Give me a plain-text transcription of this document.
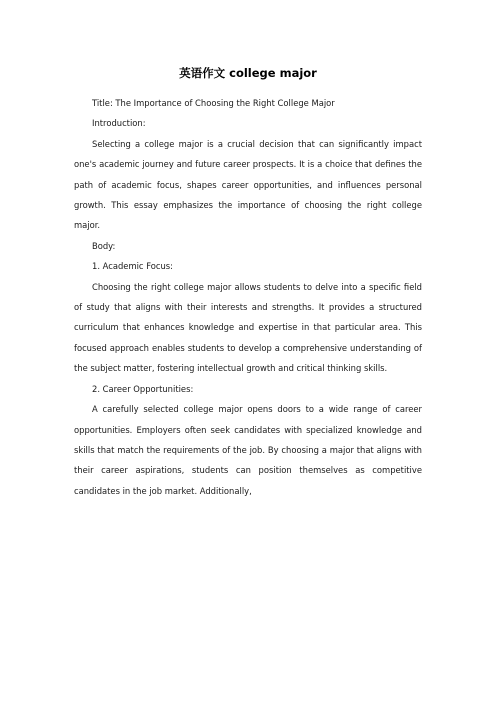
英语作文 college major

Title: The Importance of Choosing the Right College Major

Introduction:

Selecting a college major is a crucial decision that can significantly impact one's academic journey and future career prospects. It is a choice that defines the path of academic focus, shapes career opportunities, and influences personal growth. This essay emphasizes the importance of choosing the right college major.

Body:

1. Academic Focus:

Choosing the right college major allows students to delve into a specific field of study that aligns with their interests and strengths. It provides a structured curriculum that enhances knowledge and expertise in that particular area. This focused approach enables students to develop a comprehensive understanding of the subject matter, fostering intellectual growth and critical thinking skills.

2. Career Opportunities:

A carefully selected college major opens doors to a wide range of career opportunities. Employers often seek candidates with specialized knowledge and skills that match the requirements of the job. By choosing a major that aligns with their career aspirations, students can position themselves as competitive candidates in the job market. Additionally,
